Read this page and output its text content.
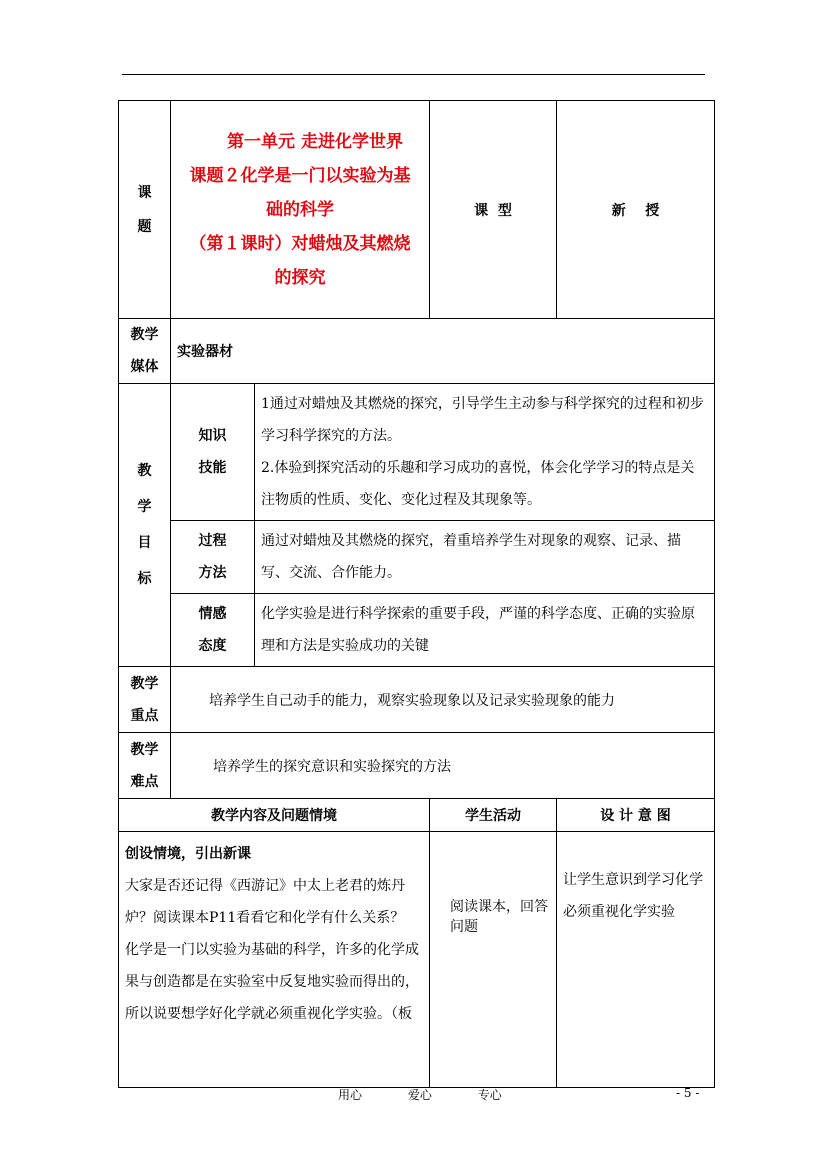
课题	第一单元 走进化学世界
课题２化学是一门以实验为基础的科学
（第１课时）对蜡烛及其燃烧的探究		课  型	新    授

教学媒体	实验器材			

教学目标	知识技能	1通过对蜡烛及其燃烧的探究，引导学生主动参与科学探究的过程和初步学习科学探究的方法。
2.体验到探究活动的乐趣和学习成功的喜悦，体会化学学习的特点是关注物质的性质、变化、变化过程及其现象等。		

	过程方法	通过对蜡烛及其燃烧的探究，着重培养学生对现象的观察、记录、描写、交流、合作能力。		

	情感态度	化学实验是进行科学探索的重要手段，严谨的科学态度、正确的实验原理和方法是实验成功的关键		

教学重点	培养学生自己动手的能力，观察实验现象以及记录实验现象的能力			

教学难点	培养学生的探究意识和实验探究的方法			
教学内容及问题情境			学生活动	设 计 意 图

创设情境，引出新课
大家是否还记得《西游记》中太上老君的炼丹炉？阅读课本P11看看它和化学有什么关系？
化学是一门以实验为基础的科学，许多的化学成果与创造都是在实验室中反复地实验而得出的，所以说要想学好化学就必须重视化学实验。（板			阅读课本，回答问题	让学生意识到学习化学必须重视化学实验
用心	爱心	专心	- 5 -
